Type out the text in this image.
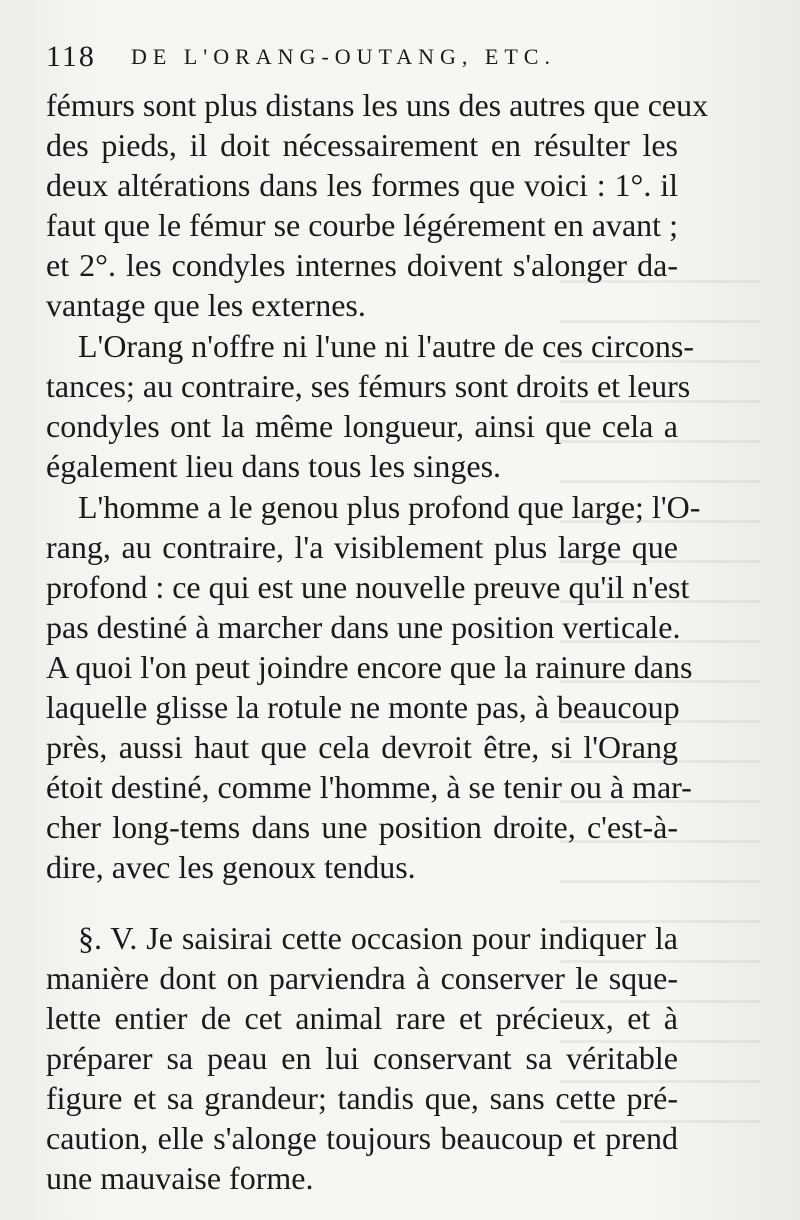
118 DE L'ORANG-OUTANG, ETC.
fémurs sont plus distans les uns des autres que ceux
des pieds, il doit nécessairement en résulter les
deux altérations dans les formes que voici : 1°. il
faut que le fémur se courbe légérement en avant ;
et 2°. les condyles internes doivent s'alonger da-
vantage que les externes.
L'Orang n'offre ni l'une ni l'autre de ces circons-
tances; au contraire, ses fémurs sont droits et leurs
condyles ont la même longueur, ainsi que cela a
également lieu dans tous les singes.
L'homme a le genou plus profond que large; l'O-
rang, au contraire, l'a visiblement plus large que
profond : ce qui est une nouvelle preuve qu'il n'est
pas destiné à marcher dans une position verticale.
A quoi l'on peut joindre encore que la rainure dans
laquelle glisse la rotule ne monte pas, à beaucoup
près, aussi haut que cela devroit être, si l'Orang
étoit destiné, comme l'homme, à se tenir ou à mar-
cher long-tems dans une position droite, c'est-à-
dire, avec les genoux tendus.
§. V. Je saisirai cette occasion pour indiquer la
manière dont on parviendra à conserver le sque-
lette entier de cet animal rare et précieux, et à
préparer sa peau en lui conservant sa véritable
figure et sa grandeur; tandis que, sans cette pré-
caution, elle s'alonge toujours beaucoup et prend
une mauvaise forme.
